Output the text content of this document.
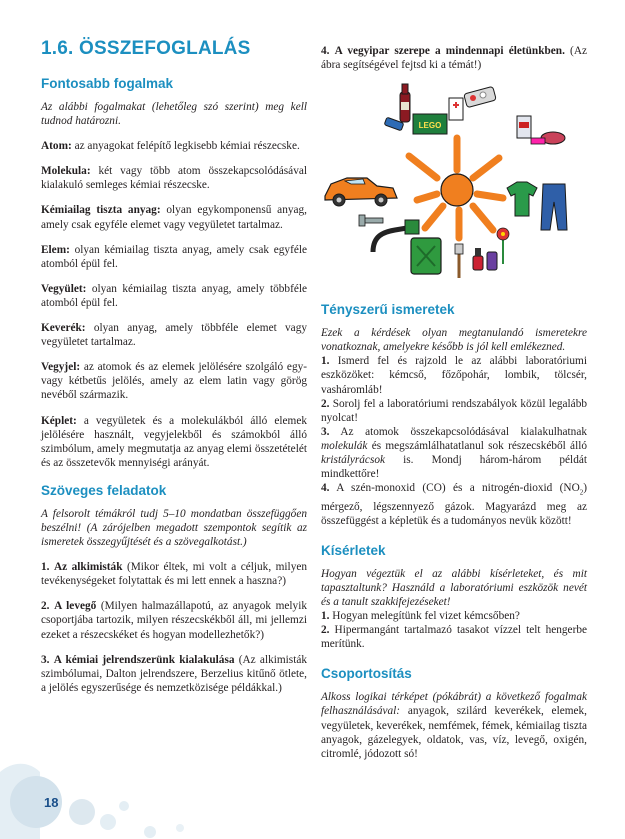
1.6. ÖSSZEFOGLALÁS
Fontosabb fogalmak

Az alábbi fogalmakat (lehetőleg szó szerint) meg kell tudnod határozni.

Atom: az anyagokat felépítő legkisebb kémiai részecske.

Molekula: két vagy több atom összekapcsolódásával kialakuló semleges kémiai részecske.

Kémiailag tiszta anyag: olyan egykomponensű anyag, amely csak egyféle elemet vagy vegyületet tartalmaz.

Elem: olyan kémiailag tiszta anyag, amely csak egyféle atomból épül fel.

Vegyület: olyan kémiailag tiszta anyag, amely többféle atomból épül fel.

Keverék: olyan anyag, amely többféle elemet vagy vegyületet tartalmaz.

Vegyjel: az atomok és az elemek jelölésére szolgáló egy- vagy kétbetűs jelölés, amely az elem latin vagy görög nevéből származik.

Képlet: a vegyületek és a molekulákból álló elemek jelölésére használt, vegyjelekből és számokból álló szimbólum, amely megmutatja az anyag elemi összetételét és az összetevők mennyiségi arányát.

Szöveges feladatok

A felsorolt témákról tudj 5–10 mondatban összefüggően beszélni! (A zárójelben megadott szempontok segítik az ismeretek összegyűjtését és a szövegalkotást.)

1. Az alkimisták (Mikor éltek, mi volt a céljuk, milyen tevékenységeket folytattak és mi lett ennek a haszna?)

2. A levegő (Milyen halmazállapotú, az anyagok melyik csoportjába tartozik, milyen részecskékből áll, mi jellemzi ezeket a részecskéket és hogyan modellezhetők?)

3. A kémiai jelrendszerünk kialakulása (Az alkimisták szimbólumai, Dalton jelrendszere, Berzelius kitűnő ötlete, a jelölés egyszerűsége és nemzetközisége példákkal.)

4. A vegyipar szerepe a mindennapi életünkben. (Az ábra segítségével fejtsd ki a témát!)

LEGO
Tényszerű ismeretek

Ezek a kérdések olyan megtanulandó ismeretekre vonatkoznak, amelyekre később is jól kell emlékezned.

1. Ismerd fel és rajzold le az alábbi laboratóriumi eszközöket: kémcső, főzőpohár, lombik, tölcsér, vasháromláb!

2. Sorolj fel a laboratóriumi rendszabályok közül legalább nyolcat!

3. Az atomok összekapcsolódásával kialakulhatnak molekulák és megszámlálhatatlanul sok részecskéből álló kristályrácsok is. Mondj három-három példát mindkettőre!

4. A szén-monoxid (CO) és a nitrogén-dioxid $(NO_2)$ mérgező, légszennyező gázok. Magyarázd meg az összefüggést a képletük és a tudományos nevük között!

Kísérletek

Hogyan végeztük el az alábbi kísérleteket, és mit tapasztaltunk? Használd a laboratóriumi eszközök nevét és a tanult szakkifejezéseket!

1. Hogyan melegítünk fel vizet kémcsőben?

2. Hipermangánt tartalmazó tasakot vízzel telt hengerbe merítünk.

Csoportosítás

Alkoss logikai térképet (pókábrát) a következő fogalmak felhasználásával: anyagok, szilárd keverékek, elemek, vegyületek, keverékek, nemfémek, fémek, kémiailag tiszta anyagok, gázelegyek, oldatok, vas, víz, levegő, oxigén, citromlé, jódozott só!

18
